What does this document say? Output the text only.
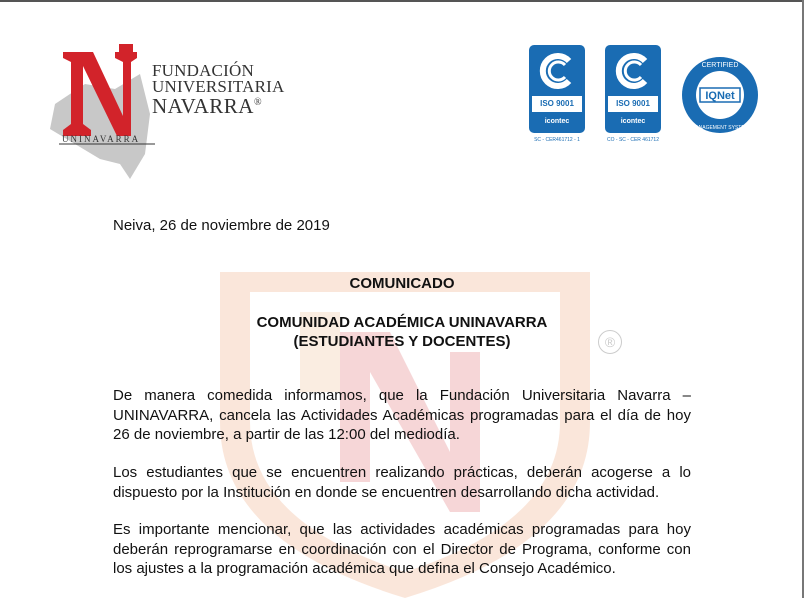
FUNDACIÓN
UNIVERSITARIA
NAVARRA®
UNINAVARRA
ISO 9001
icontec
SC - CER461712 - 1
ISO 9001
icontec
CO - SC - CER 461712
IQNet
CERTIFIED
MANAGEMENT SYSTEM
®
Neiva, 26 de noviembre de 2019
COMUNICADO
COMUNIDAD ACADÉMICA UNINAVARRA
(ESTUDIANTES Y DOCENTES)
De manera comedida informamos, que la Fundación Universitaria Navarra – UNINAVARRA, cancela las Actividades Académicas programadas para el día de hoy 26 de noviembre, a partir de las 12:00 del mediodía.
Los estudiantes que se encuentren realizando prácticas, deberán acogerse a lo dispuesto por la Institución en donde se encuentren desarrollando dicha actividad.
Es importante mencionar, que las actividades académicas programadas para hoy deberán reprogramarse en coordinación con el Director de Programa, conforme con los ajustes a la programación académica que defina el Consejo Académico.
